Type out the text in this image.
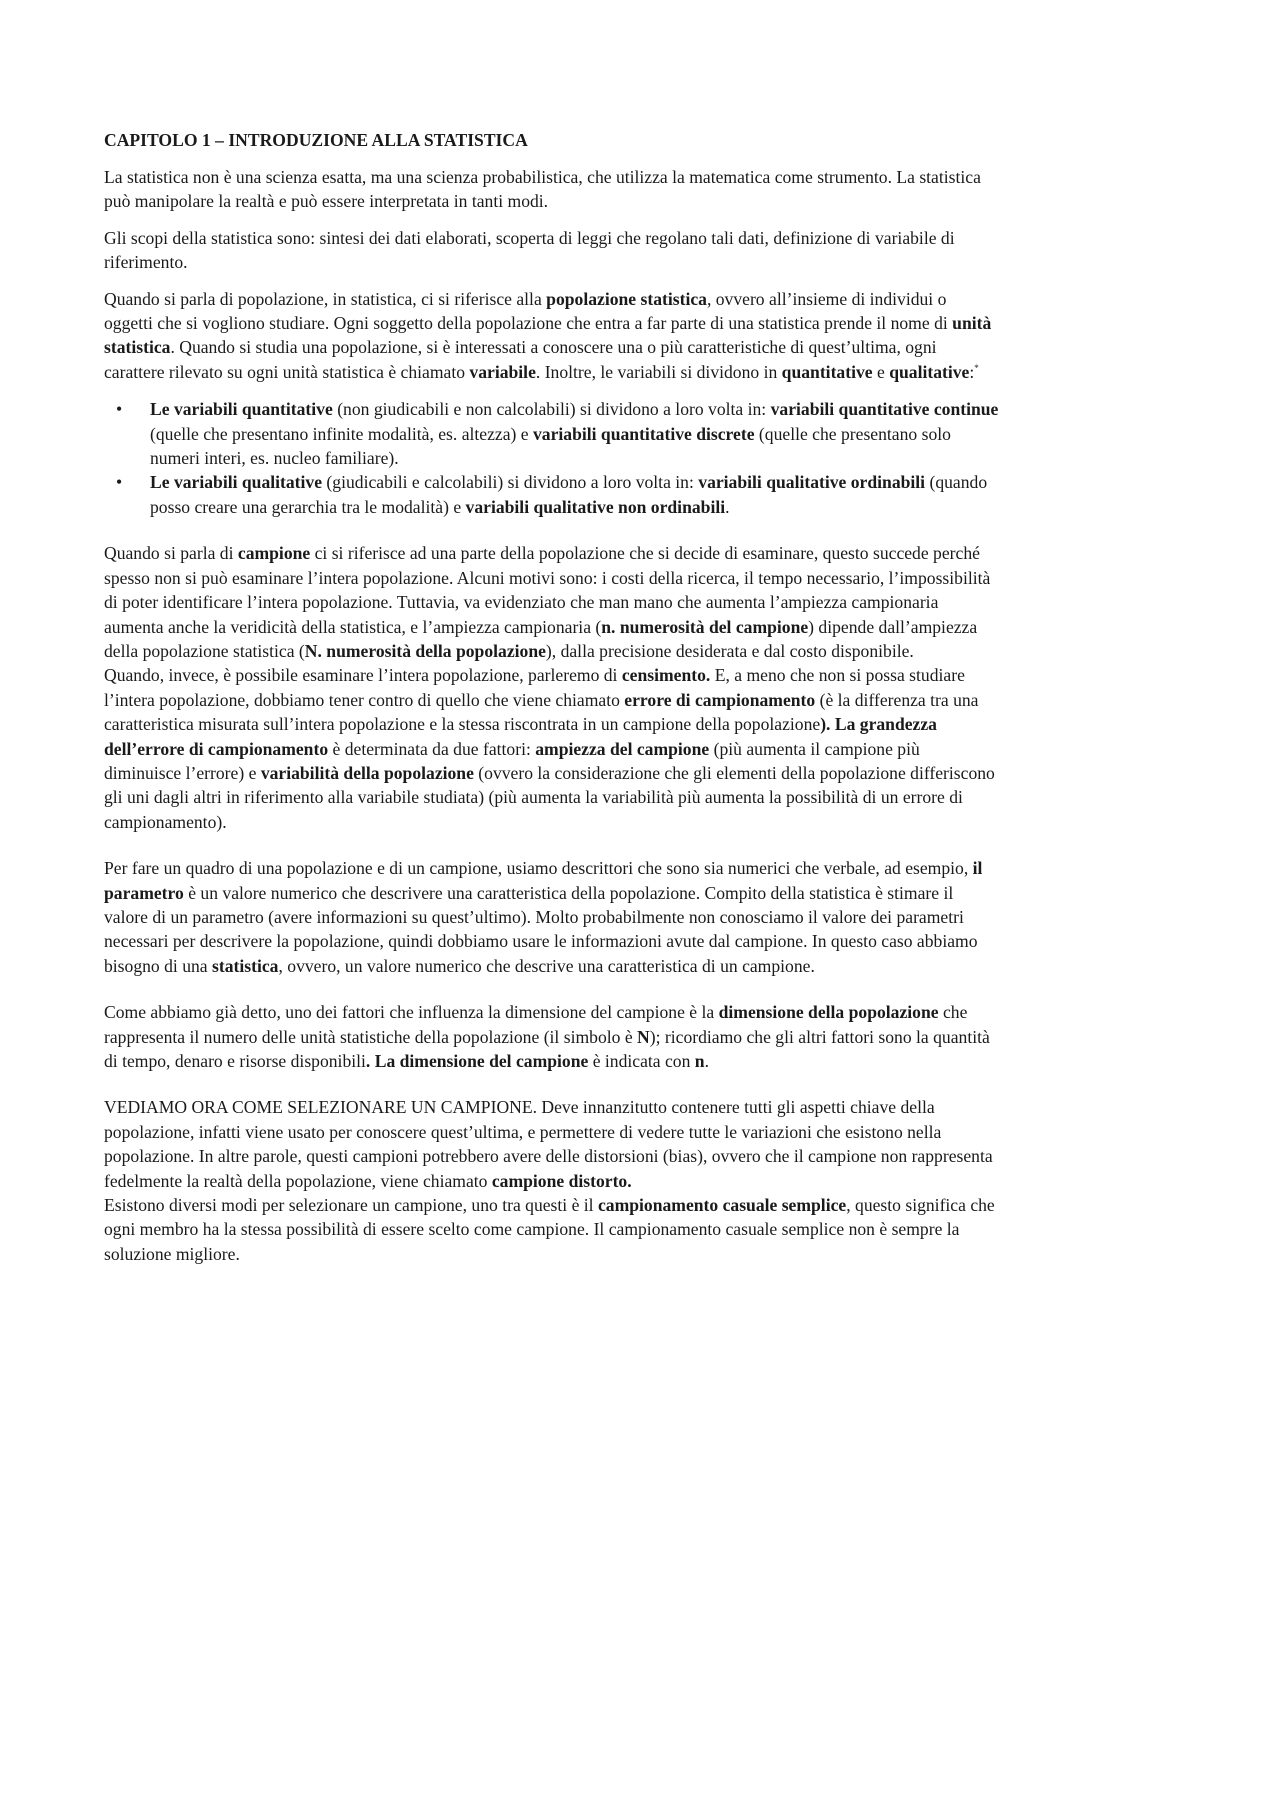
CAPITOLO 1 – INTRODUZIONE ALLA STATISTICA

La statistica non è una scienza esatta, ma una scienza probabilistica, che utilizza la matematica come strumento. La statistica può manipolare la realtà e può essere interpretata in tanti modi.

Gli scopi della statistica sono: sintesi dei dati elaborati, scoperta di leggi che regolano tali dati, definizione di variabile di riferimento.

Quando si parla di popolazione, in statistica, ci si riferisce alla popolazione statistica, ovvero all’insieme di individui o oggetti che si vogliono studiare. Ogni soggetto della popolazione che entra a far parte di una statistica prende il nome di unità statistica. Quando si studia una popolazione, si è interessati a conoscere una o più caratteristiche di quest’ultima, ogni carattere rilevato su ogni unità statistica è chiamato variabile. Inoltre, le variabili si dividono in quantitative e qualitative:*

• Le variabili quantitative (non giudicabili e non calcolabili) si dividono a loro volta in: variabili quantitative continue (quelle che presentano infinite modalità, es. altezza) e variabili quantitative discrete (quelle che presentano solo numeri interi, es. nucleo familiare).
• Le variabili qualitative (giudicabili e calcolabili) si dividono a loro volta in: variabili qualitative ordinabili (quando posso creare una gerarchia tra le modalità) e variabili qualitative non ordinabili.

Quando si parla di campione ci si riferisce ad una parte della popolazione che si decide di esaminare, questo succede perché spesso non si può esaminare l’intera popolazione. Alcuni motivi sono: i costi della ricerca, il tempo necessario, l’impossibilità di poter identificare l’intera popolazione. Tuttavia, va evidenziato che man mano che aumenta l’ampiezza campionaria aumenta anche la veridicità della statistica, e l’ampiezza campionaria (n. numerosità del campione) dipende dall’ampiezza della popolazione statistica (N. numerosità della popolazione), dalla precisione desiderata e dal costo disponibile.

Quando, invece, è possibile esaminare l’intera popolazione, parleremo di censimento. E, a meno che non si possa studiare l’intera popolazione, dobbiamo tener contro di quello che viene chiamato errore di campionamento (è la differenza tra una caratteristica misurata sull’intera popolazione e la stessa riscontrata in un campione della popolazione). La grandezza dell’errore di campionamento è determinata da due fattori: ampiezza del campione (più aumenta il campione più diminuisce l’errore) e variabilità della popolazione (ovvero la considerazione che gli elementi della popolazione differiscono gli uni dagli altri in riferimento alla variabile studiata) (più aumenta la variabilità più aumenta la possibilità di un errore di campionamento).

Per fare un quadro di una popolazione e di un campione, usiamo descrittori che sono sia numerici che verbale, ad esempio, il parametro è un valore numerico che descrivere una caratteristica della popolazione. Compito della statistica è stimare il valore di un parametro (avere informazioni su quest’ultimo). Molto probabilmente non conosciamo il valore dei parametri necessari per descrivere la popolazione, quindi dobbiamo usare le informazioni avute dal campione. In questo caso abbiamo bisogno di una statistica, ovvero, un valore numerico che descrive una caratteristica di un campione.

Come abbiamo già detto, uno dei fattori che influenza la dimensione del campione è la dimensione della popolazione che rappresenta il numero delle unità statistiche della popolazione (il simbolo è N); ricordiamo che gli altri fattori sono la quantità di tempo, denaro e risorse disponibili. La dimensione del campione è indicata con n.

VEDIAMO ORA COME SELEZIONARE UN CAMPIONE. Deve innanzitutto contenere tutti gli aspetti chiave della popolazione, infatti viene usato per conoscere quest’ultima, e permettere di vedere tutte le variazioni che esistono nella popolazione. In altre parole, questi campioni potrebbero avere delle distorsioni (bias), ovvero che il campione non rappresenta fedelmente la realtà della popolazione, viene chiamato campione distorto.

Esistono diversi modi per selezionare un campione, uno tra questi è il campionamento casuale semplice, questo significa che ogni membro ha la stessa possibilità di essere scelto come campione. Il campionamento casuale semplice non è sempre la soluzione migliore.
